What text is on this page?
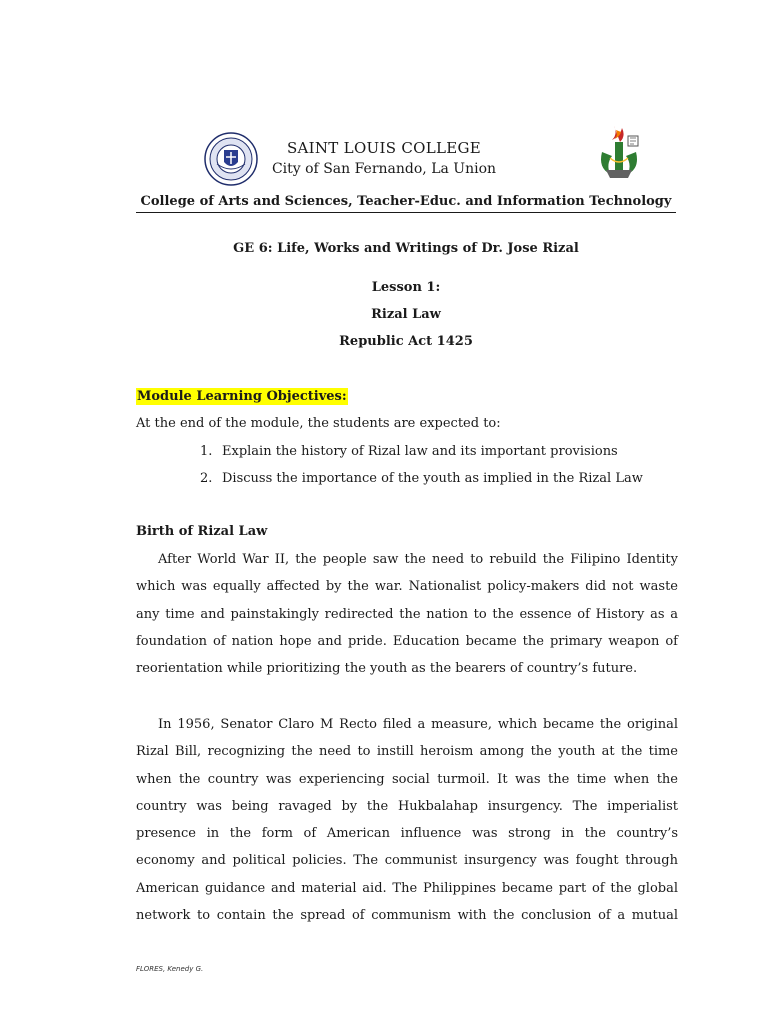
SAINT LOUIS COLLEGE
City of San Fernando, La Union
College of Arts and Sciences, Teacher-Educ. and Information Technology
GE 6: Life, Works and Writings of Dr. Jose Rizal
Lesson 1:
Rizal Law
Republic Act 1425
Module Learning Objectives:
At the end of the module, the students are expected to:
1. Explain the history of Rizal law and its important provisions
2. Discuss the importance of the youth as implied in the Rizal Law
Birth of Rizal Law
After World War II, the people saw the need to rebuild the Filipino Identity
which was equally affected by the war. Nationalist policy-makers did not waste
any time and painstakingly redirected the nation to the essence of History as a
foundation of nation hope and pride. Education became the primary weapon of
reorientation while prioritizing the youth as the bearers of country’s future.
In 1956, Senator Claro M Recto filed a measure, which became the original
Rizal Bill, recognizing the need to instill heroism among the youth at the time
when the country was experiencing social turmoil. It was the time when the
country was being ravaged by the Hukbalahap insurgency. The imperialist
presence in the form of American influence was strong in the country’s
economy and political policies. The communist insurgency was fought through
American guidance and material aid. The Philippines became part of the global
network to contain the spread of communism with the conclusion of a mutual
FLORES, Kenedy G.
